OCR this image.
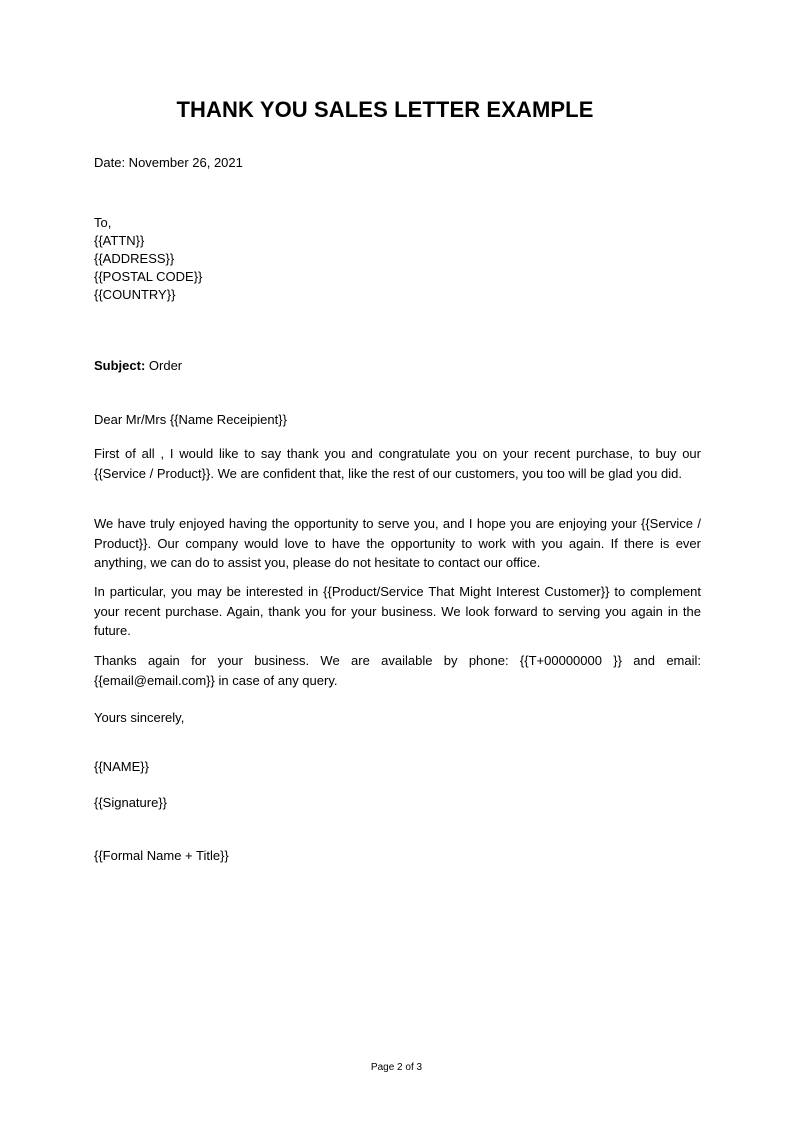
THANK YOU SALES LETTER EXAMPLE

Date: November 26, 2021

To,
{{ATTN}}
{{ADDRESS}}
{{POSTAL CODE}}
{{COUNTRY}}

Subject: Order

Dear Mr/Mrs {{Name Receipient}}

First of all , I would like to say thank you and congratulate you on your recent purchase, to buy our {{Service / Product}}. We are confident that, like the rest of our customers, you too will be glad you did.

We have truly enjoyed having the opportunity to serve you, and I hope you are enjoying your {{Service / Product}}. Our company would love to have the opportunity to work with you again. If there is ever anything, we can do to assist you, please do not hesitate to contact our office.

In particular, you may be interested in {{Product/Service That Might Interest Customer}} to complement your recent purchase. Again, thank you for your business. We look forward to serving you again in the future.

Thanks again for your business. We are available by phone: {{T+00000000 }} and email: {{email@email.com}} in case of any query.

Yours sincerely,

{{NAME}}

{{Signature}}

{{Formal Name + Title}}

Page 2 of 3
